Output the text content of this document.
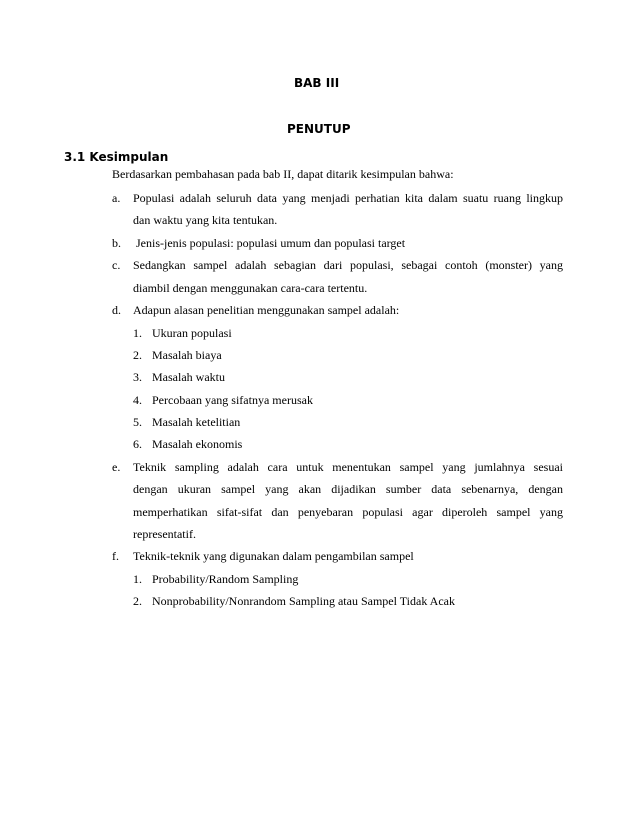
BAB III
PENUTUP
3.1 Kesimpulan
Berdasarkan pembahasan pada bab II, dapat ditarik kesimpulan bahwa:
a. Populasi adalah seluruh data yang menjadi perhatian kita dalam suatu ruang lingkup
dan waktu yang kita tentukan.
b. Jenis-jenis populasi: populasi umum dan populasi target
c. Sedangkan sampel adalah sebagian dari populasi, sebagai contoh (monster) yang
diambil dengan menggunakan cara-cara tertentu.
d. Adapun alasan penelitian menggunakan sampel adalah:
1. Ukuran populasi
2. Masalah biaya
3. Masalah waktu
4. Percobaan yang sifatnya merusak
5. Masalah ketelitian
6. Masalah ekonomis
e. Teknik sampling adalah cara untuk menentukan sampel yang jumlahnya sesuai
dengan ukuran sampel yang akan dijadikan sumber data sebenarnya, dengan
memperhatikan sifat-sifat dan penyebaran populasi agar diperoleh sampel yang
representatif.
f. Teknik-teknik yang digunakan dalam pengambilan sampel
1. Probability/Random Sampling
2. Nonprobability/Nonrandom Sampling atau Sampel Tidak Acak
